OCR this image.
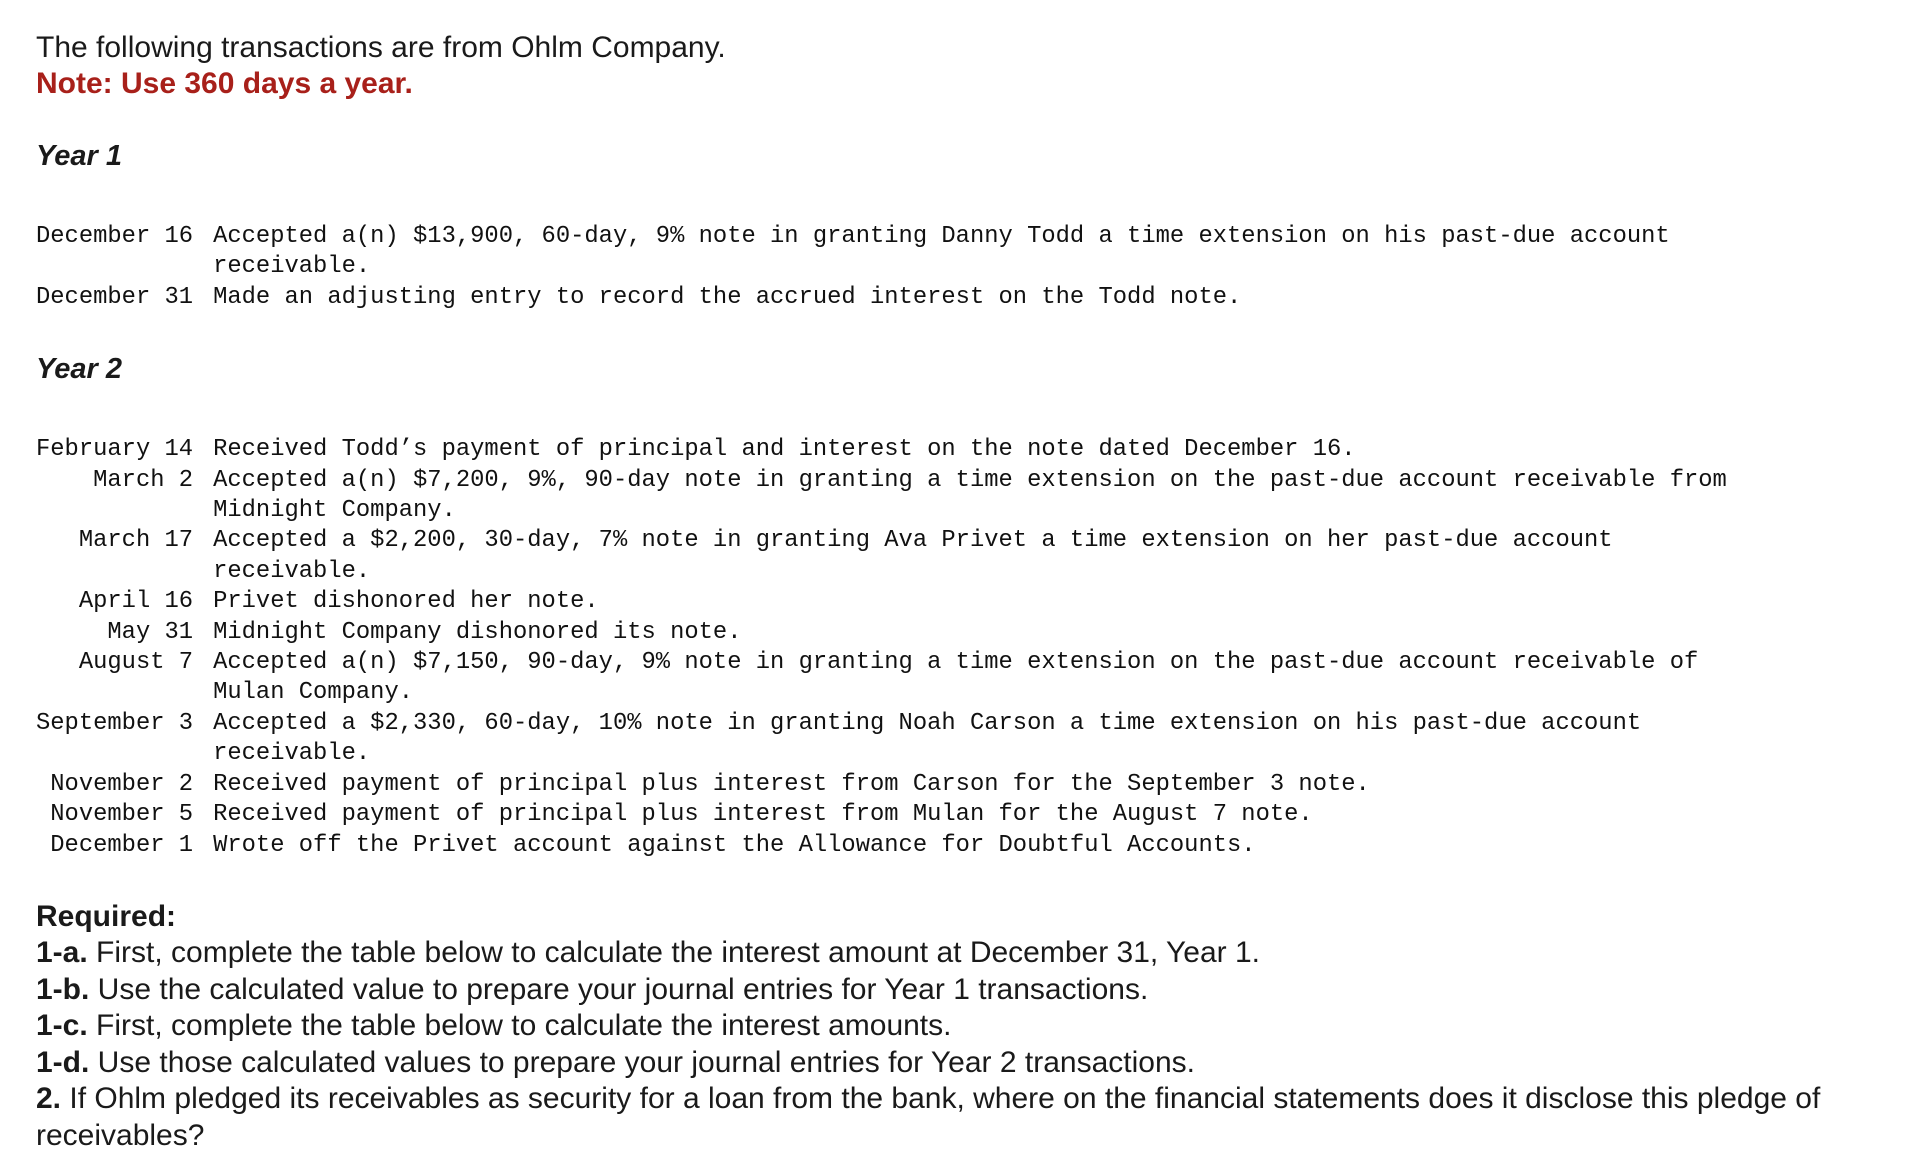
The following transactions are from Ohlm Company.

Note: Use 360 days a year.

Year 1

December 16	Accepted a(n) $13,900, 60-day, 9% note in granting Danny Todd a time extension on his past-due account
receivable.
December 31	Made an adjusting entry to record the accrued interest on the Todd note.

Year 2

February 14	Received Todd’s payment of principal and interest on the note dated December 16.
March 2	Accepted a(n) $7,200, 9%, 90-day note in granting a time extension on the past-due account receivable from
Midnight Company.
March 17	Accepted a $2,200, 30-day, 7% note in granting Ava Privet a time extension on her past-due account
receivable.
April 16	Privet dishonored her note.
May 31	Midnight Company dishonored its note.
August 7	Accepted a(n) $7,150, 90-day, 9% note in granting a time extension on the past-due account receivable of
Mulan Company.
September 3	Accepted a $2,330, 60-day, 10% note in granting Noah Carson a time extension on his past-due account
receivable.
November 2	Received payment of principal plus interest from Carson for the September 3 note.
November 5	Received payment of principal plus interest from Mulan for the August 7 note.
December 1	Wrote off the Privet account against the Allowance for Doubtful Accounts.

Required:

1-a. First, complete the table below to calculate the interest amount at December 31, Year 1.

1-b. Use the calculated value to prepare your journal entries for Year 1 transactions.

1-c. First, complete the table below to calculate the interest amounts.

1-d. Use those calculated values to prepare your journal entries for Year 2 transactions.

2. If Ohlm pledged its receivables as security for a loan from the bank, where on the financial statements does it disclose this pledge of receivables?
